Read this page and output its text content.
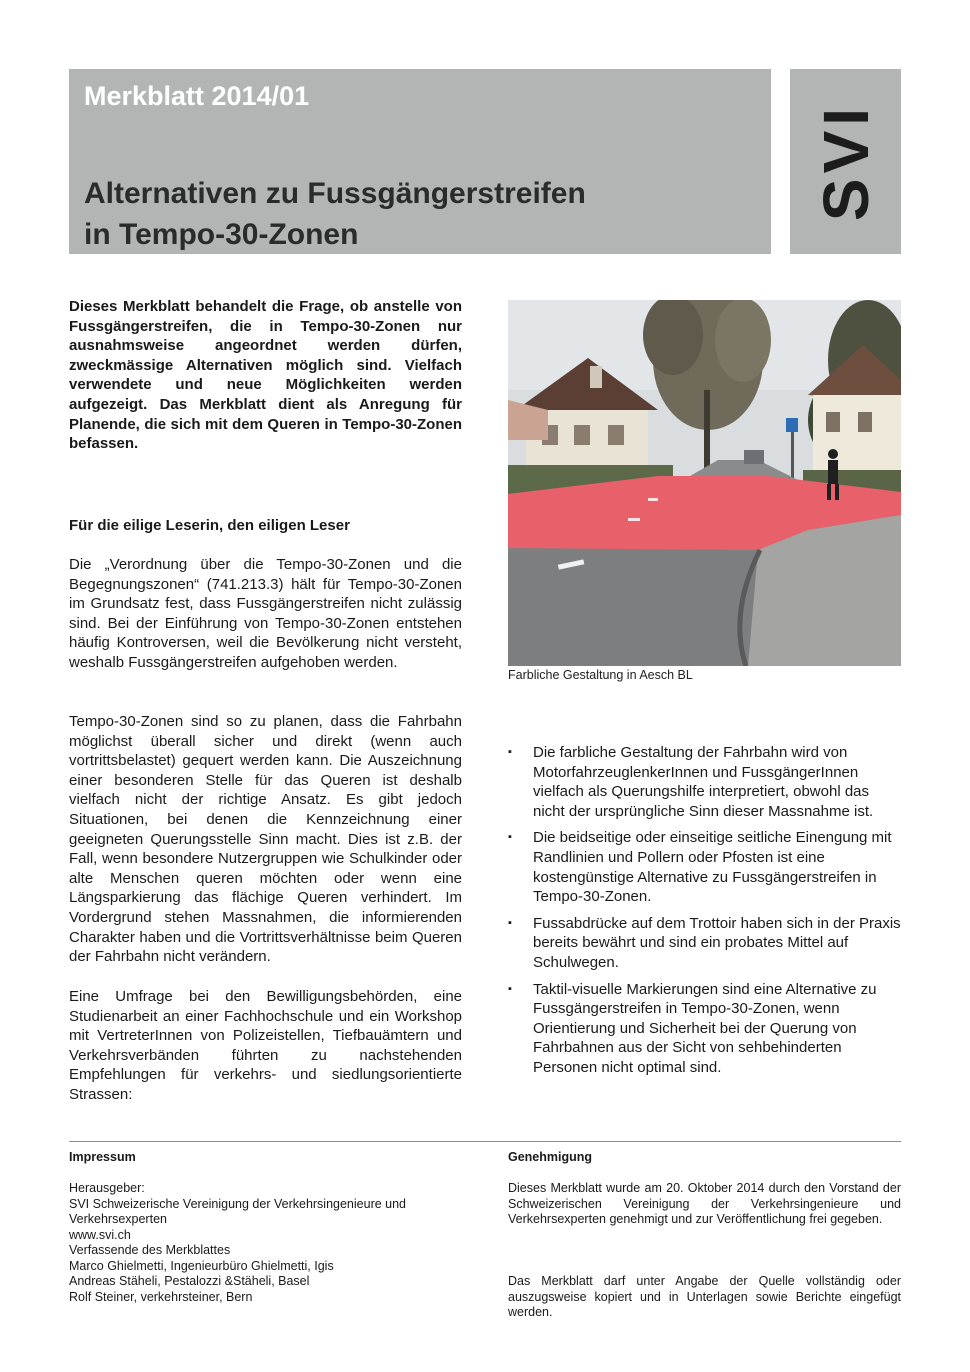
Merkblatt 2014/01
Alternativen zu Fussgängerstreifen
in Tempo-30-Zonen
SVI

Dieses Merkblatt behandelt die Frage, ob anstelle von Fussgängerstreifen, die in Tempo-30-Zonen nur ausnahmsweise angeordnet werden dürfen, zweckmässige Alternativen möglich sind. Vielfach verwendete und neue Möglichkeiten werden aufgezeigt. Das Merkblatt dient als Anregung für Planende, die sich mit dem Queren in Tempo-30-Zonen befassen.

Für die eilige Leserin, den eiligen Leser

Die „Verordnung über die Tempo-30-Zonen und die Begegnungszonen“ (741.213.3) hält für Tempo-30-Zonen im Grundsatz fest, dass Fussgängerstreifen nicht zulässig sind. Bei der Einführung von Tempo-30-Zonen entstehen häufig Kontroversen, weil die Bevölkerung nicht versteht, weshalb Fussgängerstreifen aufgehoben werden.

Tempo-30-Zonen sind so zu planen, dass die Fahrbahn möglichst überall sicher und direkt (wenn auch vortrittsbelastet) gequert werden kann. Die Auszeichnung einer besonderen Stelle für das Queren ist deshalb vielfach nicht der richtige Ansatz. Es gibt jedoch Situationen, bei denen die Kennzeichnung einer geeigneten Querungsstelle Sinn macht. Dies ist z.B. der Fall, wenn besondere Nutzergruppen wie Schulkinder oder alte Menschen queren möchten oder wenn eine Längsparkierung das flächige Queren verhindert. Im Vordergrund stehen Massnahmen, die informierenden Charakter haben und die Vortrittsverhältnisse beim Queren der Fahrbahn nicht verändern.

Eine Umfrage bei den Bewilligungsbehörden, eine Studienarbeit an einer Fachhochschule und ein Workshop mit VertreterInnen von Polizeistellen, Tiefbauämtern und Verkehrsverbänden führten zu nachstehenden Empfehlungen für verkehrs- und siedlungsorientierte Strassen:

Farbliche Gestaltung in Aesch BL
▪ Die farbliche Gestaltung der Fahrbahn wird von MotorfahrzeuglenkerInnen und FussgängerInnen vielfach als Querungshilfe interpretiert, obwohl das nicht der ursprüngliche Sinn dieser Massnahme ist.
▪ Die beidseitige oder einseitige seitliche Einengung mit Randlinien und Pollern oder Pfosten ist eine kostengünstige Alternative zu Fussgängerstreifen in Tempo-30-Zonen.
▪ Fussabdrücke auf dem Trottoir haben sich in der Praxis bereits bewährt und sind ein probates Mittel auf Schulwegen.
▪ Taktil-visuelle Markierungen sind eine Alternative zu Fussgängerstreifen in Tempo-30-Zonen, wenn Orientierung und Sicherheit bei der Querung von Fahrbahnen aus der Sicht von sehbehinderten Personen nicht optimal sind.
Impressum
Herausgeber:
SVI Schweizerische Vereinigung der Verkehrsingenieure und
Verkehrsexperten
www.svi.ch
Verfassende des Merkblattes
Marco Ghielmetti, Ingenieurbüro Ghielmetti, Igis
Andreas Stäheli, Pestalozzi &Stäheli, Basel
Rolf Steiner, verkehrsteiner, Bern
Genehmigung

Dieses Merkblatt wurde am 20. Oktober 2014 durch den Vorstand der Schweizerischen Vereinigung der Verkehrsingenieure und Verkehrsexperten genehmigt und zur Veröffentlichung frei gegeben.

Das Merkblatt darf unter Angabe der Quelle vollständig oder auszugsweise kopiert und in Unterlagen sowie Berichte eingefügt werden.
